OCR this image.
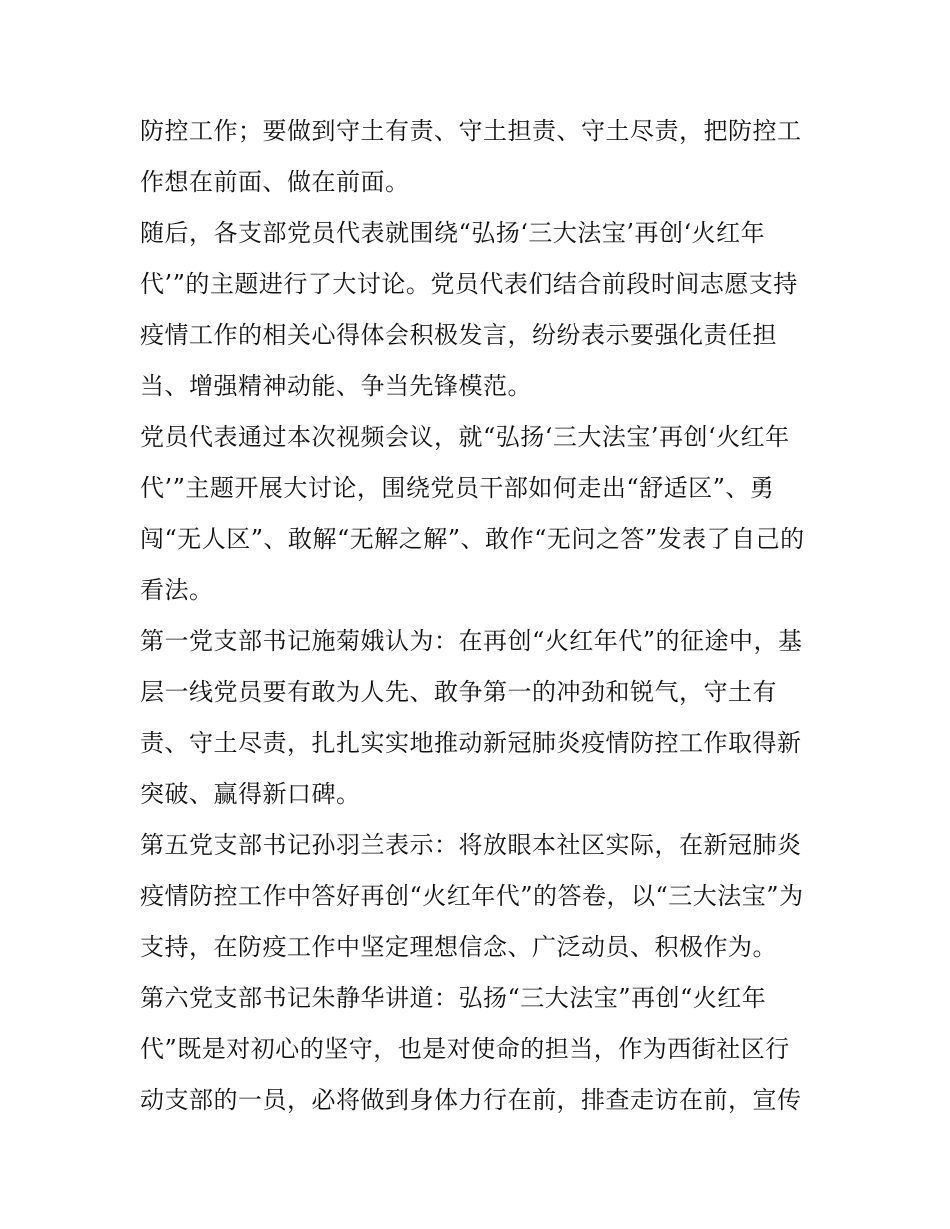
防控工作；要做到守土有责、守土担责、守土尽责，把防控工
作想在前面、做在前面。
随后，各支部党员代表就围绕“弘扬‘三大法宝’再创‘火红年
代’”的主题进行了大讨论。党员代表们结合前段时间志愿支持
疫情工作的相关心得体会积极发言，纷纷表示要强化责任担
当、增强精神动能、争当先锋模范。
党员代表通过本次视频会议，就“弘扬‘三大法宝’再创‘火红年
代’”主题开展大讨论，围绕党员干部如何走出“舒适区”、勇
闯“无人区”、敢解“无解之解”、敢作“无问之答”发表了自己的
看法。
第一党支部书记施菊娥认为：在再创“火红年代”的征途中，基
层一线党员要有敢为人先、敢争第一的冲劲和锐气，守土有
责、守土尽责，扎扎实实地推动新冠肺炎疫情防控工作取得新
突破、赢得新口碑。
第五党支部书记孙羽兰表示：将放眼本社区实际，在新冠肺炎
疫情防控工作中答好再创“火红年代”的答卷，以“三大法宝”为
支持，在防疫工作中坚定理想信念、广泛动员、积极作为。
第六党支部书记朱静华讲道：弘扬“三大法宝”再创“火红年
代”既是对初心的坚守，也是对使命的担当，作为西街社区行
动支部的一员，必将做到身体力行在前，排查走访在前，宣传
